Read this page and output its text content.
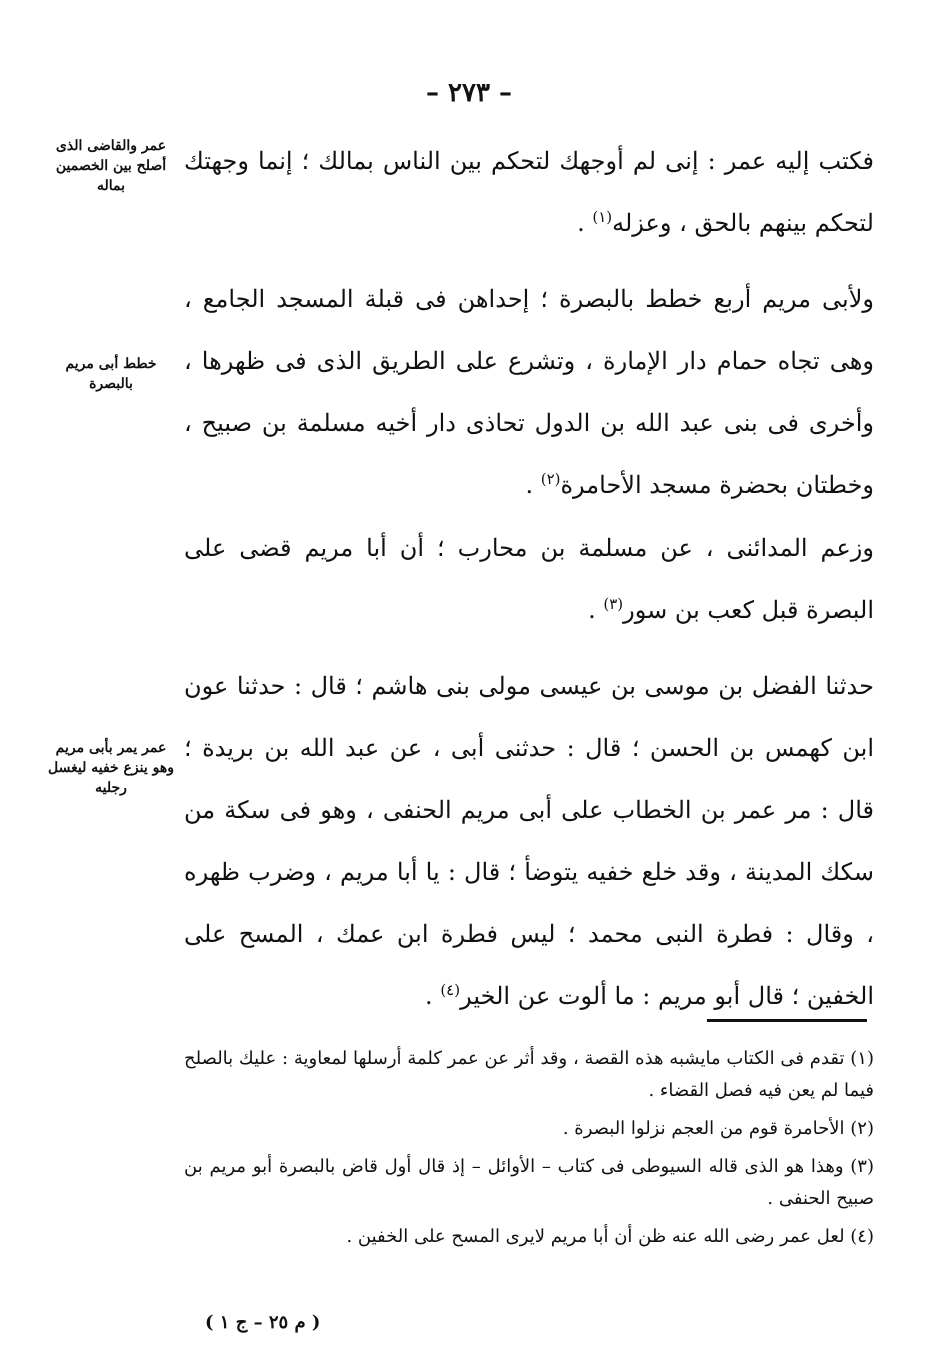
– ٢٧٣ –
عمر والقاضى الذى أصلح بين الخصمين بماله
خطط أبى مريم بالبصرة
عمر يمر بأبى مريم وهو ينزع خفيه ليغسل رجليه

فكتب إليه عمر : إنى لم أوجهك لتحكم بين الناس بمالك ؛ إنما وجهتك لتحكم بينهم بالحق ، وعزله$^{(١)}$ .

ولأبى مريم أربع خطط بالبصرة ؛ إحداهن فى قبلة المسجد الجامع ، وهى تجاه حمام دار الإمارة ، وتشرع على الطريق الذى فى ظهرها ، وأخرى فى بنى عبد الله بن الدول تحاذى دار أخيه مسلمة بن صبيح ، وخطتان بحضرة مسجد الأحامرة$^{(٢)}$ .

وزعم المدائنى ، عن مسلمة بن محارب ؛ أن أبا مريم قضى على البصرة قبل كعب بن سور$^{(٣)}$ .

حدثنا الفضل بن موسى بن عيسى مولى بنى هاشم ؛ قال : حدثنا عون ابن كهمس بن الحسن ؛ قال : حدثنى أبى ، عن عبد الله بن بريدة ؛ قال : مر عمر بن الخطاب على أبى مريم الحنفى ، وهو فى سكة من سكك المدينة ، وقد خلع خفيه يتوضأ ؛ قال : يا أبا مريم ، وضرب ظهره ، وقال : فطرة النبى محمد ؛ ليس فطرة ابن عمك ، المسح على الخفين ؛ قال أبو مريم : ما ألوت عن الخير$^{(٤)}$ .

(١) تقدم فى الكتاب مايشبه هذه القصة ، وقد أثر عن عمر كلمة أرسلها لمعاوية : عليك بالصلح فيما لم يعن فيه فصل القضاء .

(٢) الأحامرة قوم من العجم نزلوا البصرة .

(٣) وهذا هو الذى قاله السيوطى فى كتاب – الأوائل – إذ قال أول قاض بالبصرة أبو مريم بن صبيح الحنفى .

(٤) لعل عمر رضى الله عنه ظن أن أبا مريم لايرى المسح على الخفين .

( م ٢٥ – ج ١ )
